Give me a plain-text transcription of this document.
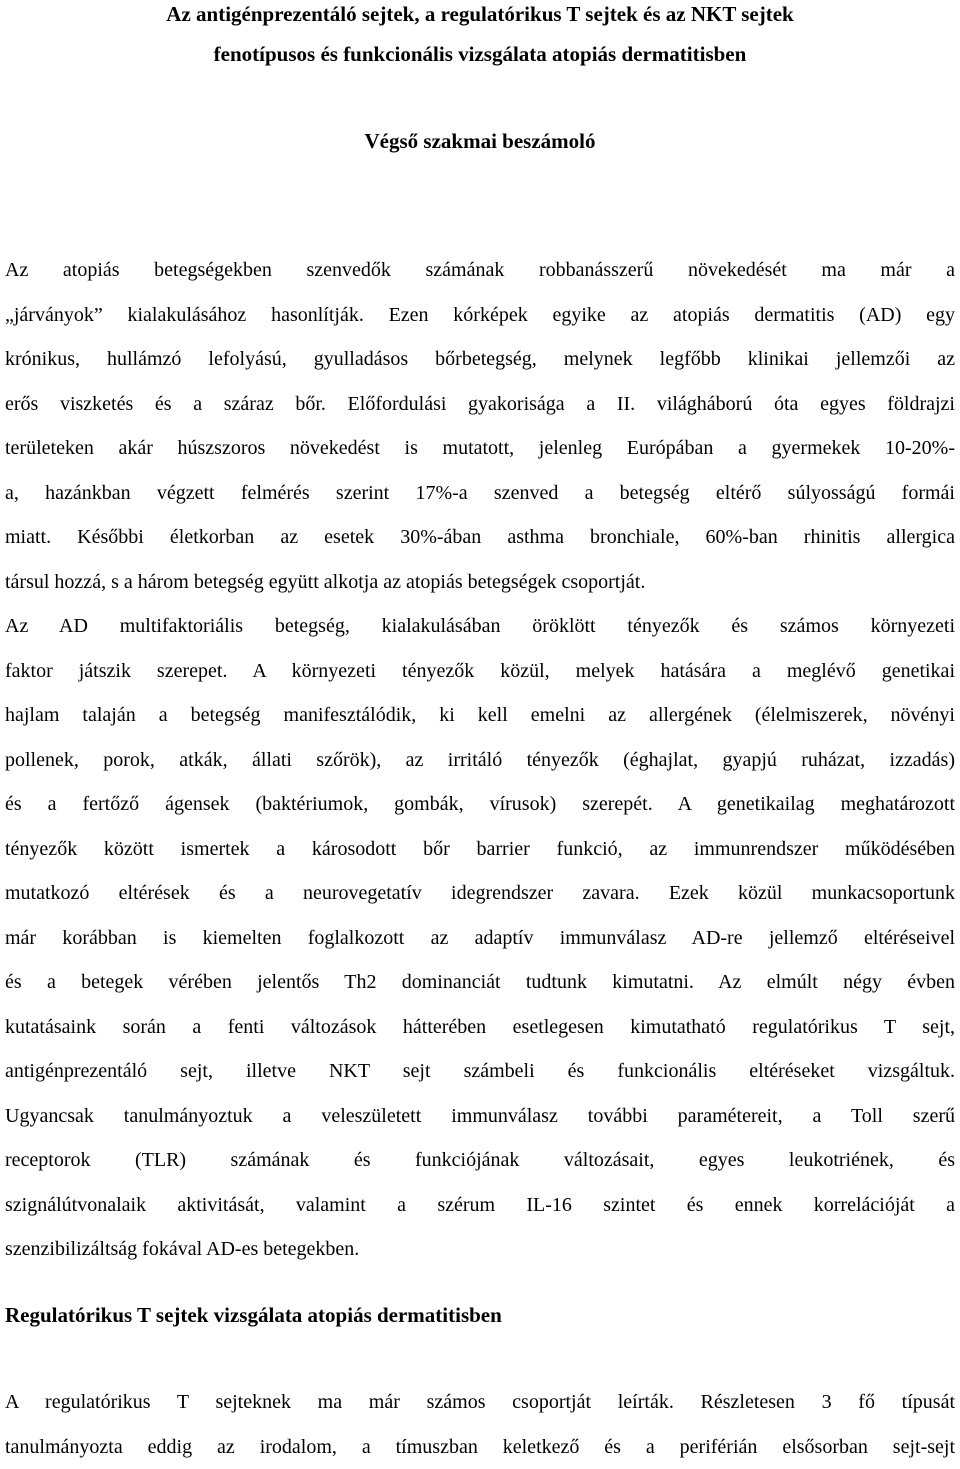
Az antigénprezentáló sejtek, a regulatórikus T sejtek és az NKT sejtek
fenotípusos és funkcionális vizsgálata atopiás dermatitisben
Végső szakmai beszámoló
Az atopiás betegségekben szenvedők számának robbanásszerű növekedését ma már a
„járványok” kialakulásához hasonlítják. Ezen kórképek egyike az atopiás dermatitis (AD) egy
krónikus, hullámzó lefolyású, gyulladásos bőrbetegség, melynek legfőbb klinikai jellemzői az
erős viszketés és a száraz bőr. Előfordulási gyakorisága a II. világháború óta egyes földrajzi
területeken akár húszszoros növekedést is mutatott, jelenleg Európában a gyermekek 10-20%-
a, hazánkban végzett felmérés szerint 17%-a szenved a betegség eltérő súlyosságú formái
miatt. Későbbi életkorban az esetek 30%-ában asthma bronchiale, 60%-ban rhinitis allergica
társul hozzá, s a három betegség együtt alkotja az atopiás betegségek csoportját.
Az AD multifaktoriális betegség, kialakulásában öröklött tényezők és számos környezeti
faktor játszik szerepet. A környezeti tényezők közül, melyek hatására a meglévő genetikai
hajlam talaján a betegség manifesztálódik, ki kell emelni az allergének (élelmiszerek, növényi
pollenek, porok, atkák, állati szőrök), az irritáló tényezők (éghajlat, gyapjú ruházat, izzadás)
és a fertőző ágensek (baktériumok, gombák, vírusok) szerepét. A genetikailag meghatározott
tényezők között ismertek a károsodott bőr barrier funkció, az immunrendszer működésében
mutatkozó eltérések és a neurovegetatív idegrendszer zavara. Ezek közül munkacsoportunk
már korábban is kiemelten foglalkozott az adaptív immunválasz AD-re jellemző eltéréseivel
és a betegek vérében jelentős Th2 dominanciát tudtunk kimutatni. Az elmúlt négy évben
kutatásaink során a fenti változások hátterében esetlegesen kimutatható regulatórikus T sejt,
antigénprezentáló sejt, illetve NKT sejt számbeli és funkcionális eltéréseket vizsgáltuk.
Ugyancsak tanulmányoztuk a veleszületett immunválasz további paramétereit, a Toll szerű
receptorok (TLR) számának és funkciójának változásait, egyes leukotriének, és
szignálútvonalaik aktivitását, valamint a szérum IL-16 szintet és ennek korrelációját a
szenzibilizáltság fokával AD-es betegekben.
Regulatórikus T sejtek vizsgálata atopiás dermatitisben
A regulatórikus T sejteknek ma már számos csoportját leírták. Részletesen 3 fő típusát
tanulmányozta eddig az irodalom, a tímuszban keletkező és a periférián elsősorban sejt-sejt
